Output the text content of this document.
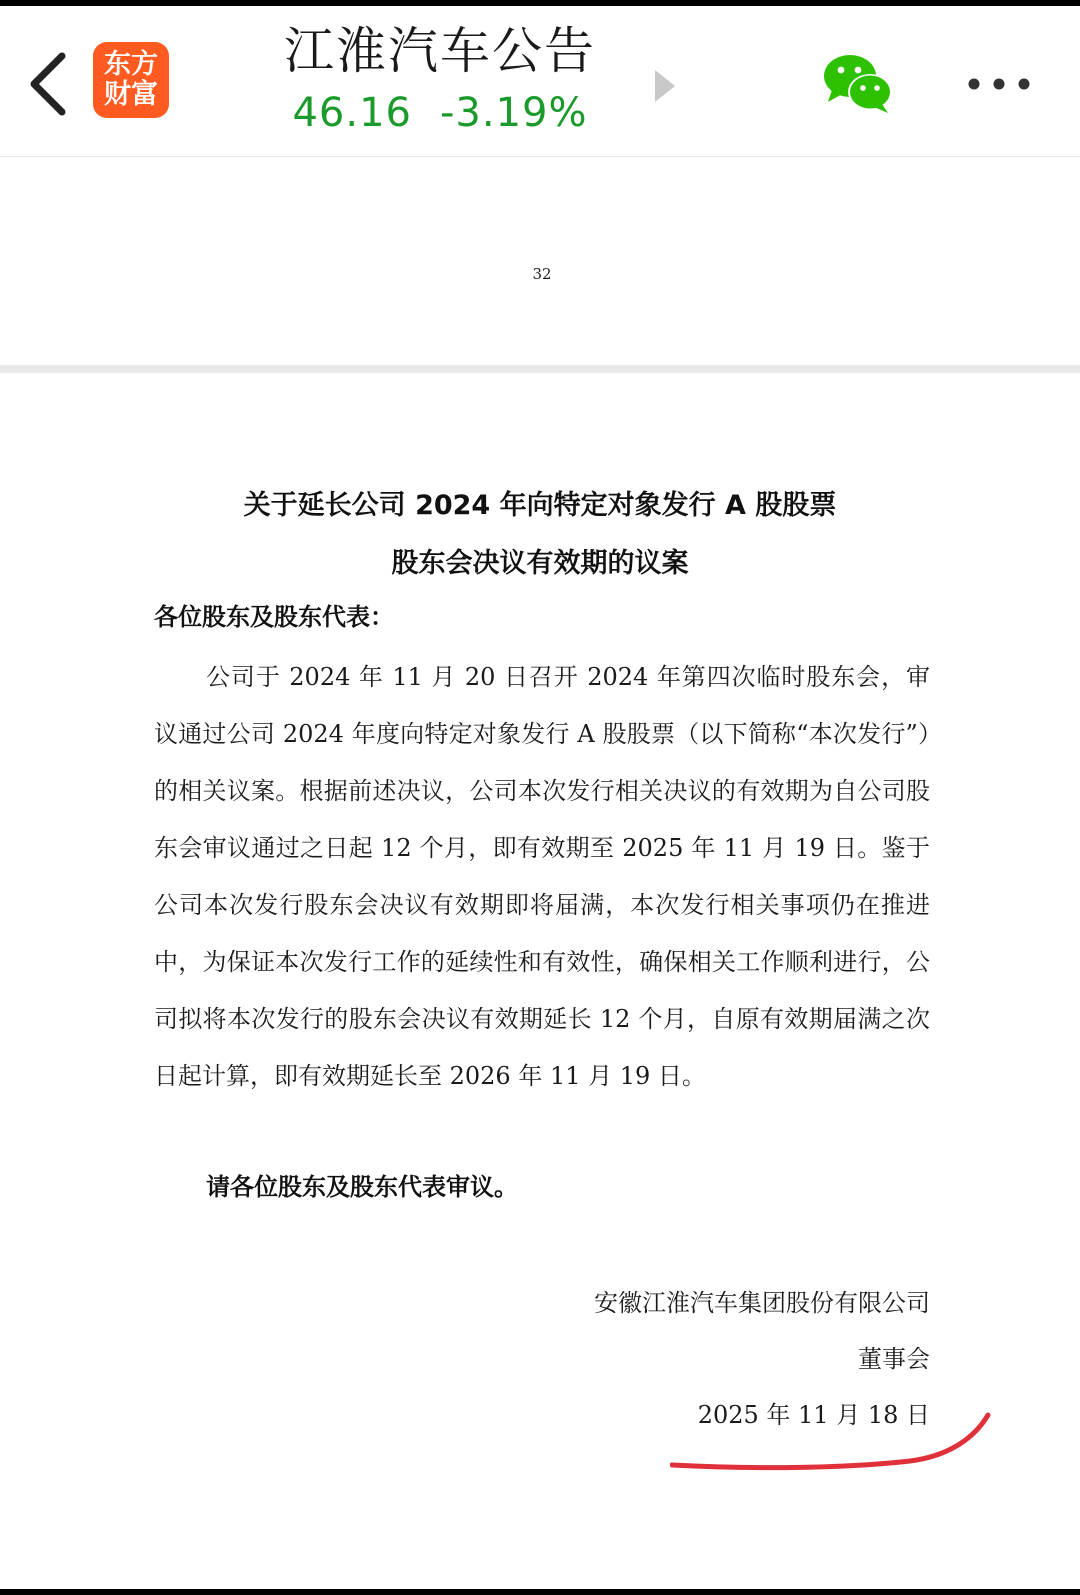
东方
财富
江淮汽车公告
46.16 -3.19%
32
关于延长公司 2024 年向特定对象发行 A 股股票
股东会决议有效期的议案
各位股东及股东代表：

公司于 2024 年 11 月 20 日召开 2024 年第四次临时股东会，审议通过公司 2024 年度向特定对象发行 A 股股票（以下简称“本次发行”）的相关议案。根据前述决议，公司本次发行相关决议的有效期为自公司股东会审议通过之日起 12 个月，即有效期至 2025 年 11 月 19 日。鉴于公司本次发行股东会决议有效期即将届满，本次发行相关事项仍在推进中，为保证本次发行工作的延续性和有效性，确保相关工作顺利进行，公司拟将本次发行的股东会决议有效期延长 12 个月，自原有效期届满之次日起计算，即有效期延长至 2026 年 11 月 19 日。

请各位股东及股东代表审议。
安徽江淮汽车集团股份有限公司
董事会
2025 年 11 月 18 日
